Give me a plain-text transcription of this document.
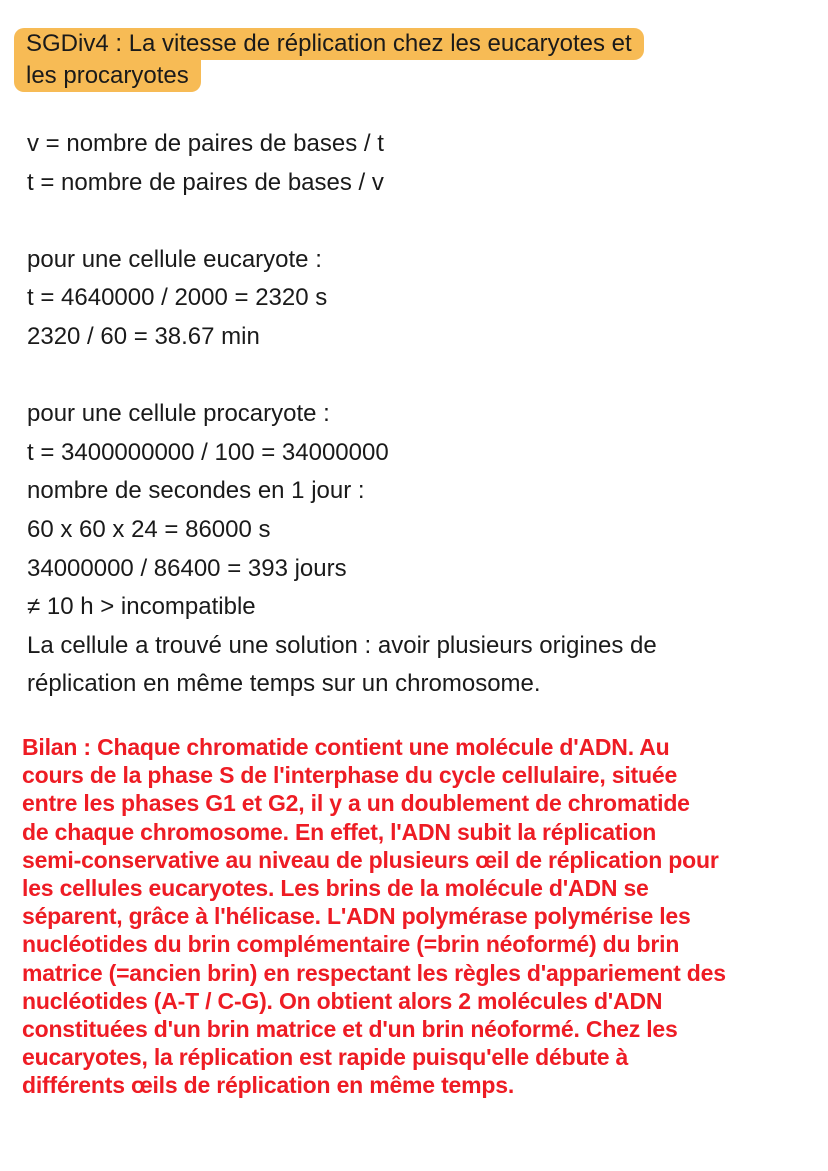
SGDiv4 : La vitesse de réplication chez les eucaryotes et
les procaryotes
v = nombre de paires de bases / t
t = nombre de paires de bases / v
pour une cellule eucaryote :
t = 4640000 / 2000 = 2320 s
2320 / 60 = 38.67 min
pour une cellule procaryote :
t = 3400000000 / 100 = 34000000
nombre de secondes en 1 jour :
60 x 60 x 24 = 86000 s
34000000 / 86400 = 393 jours
≠ 10 h > incompatible
La cellule a trouvé une solution : avoir plusieurs origines de
réplication en même temps sur un chromosome.
Bilan : Chaque chromatide contient une molécule d'ADN. Au
cours de la phase S de l'interphase du cycle cellulaire, située
entre les phases G1 et G2, il y a un doublement de chromatide
de chaque chromosome. En effet, l'ADN subit la réplication
semi-conservative au niveau de plusieurs œil de réplication pour
les cellules eucaryotes. Les brins de la molécule d'ADN se
séparent, grâce à l'hélicase. L'ADN polymérase polymérise les
nucléotides du brin complémentaire (=brin néoformé) du brin
matrice (=ancien brin) en respectant les règles d'appariement des
nucléotides (A-T / C-G). On obtient alors 2 molécules d'ADN
constituées d'un brin matrice et d'un brin néoformé. Chez les
eucaryotes, la réplication est rapide puisqu'elle débute à
différents œils de réplication en même temps.
